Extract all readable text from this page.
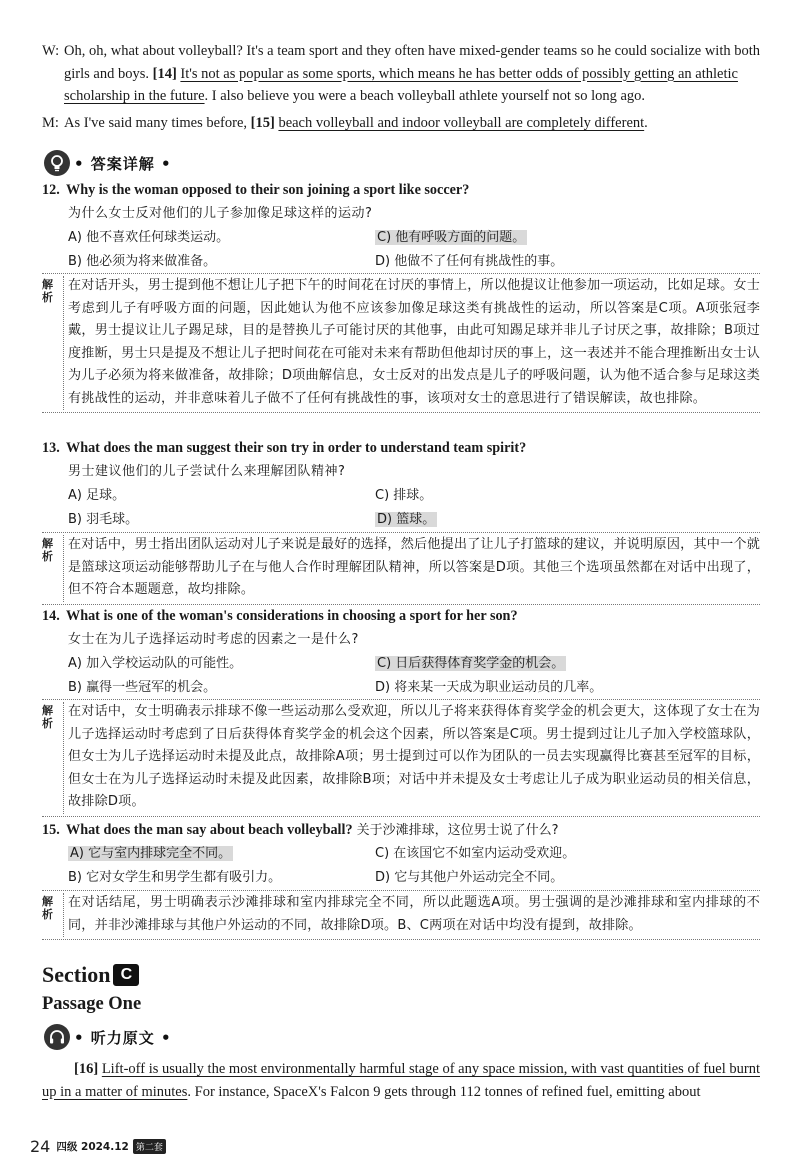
W: Oh, oh, what about volleyball? It's a team sport and they often have mixed-gender teams so he could socialize with both girls and boys. [14] It's not as popular as some sports, which means he has better odds of possibly getting an athletic scholarship in the future. I also believe you were a beach volleyball athlete yourself not so long ago.
M: As I've said many times before, [15] beach volleyball and indoor volleyball are completely different.
• 答案详解 •
12. Why is the woman opposed to their son joining a sport like soccer?
为什么女士反对他们的儿子参加像足球这样的运动?
A) 他不喜欢任何球类运动。	C) 他有呼吸方面的问题。
B) 他必须为将来做准备。	D) 他做不了任何有挑战性的事。
解析
在对话开头，男士提到他不想让儿子把下午的时间花在讨厌的事情上，所以他提议让他参加一项运动，比如足球。女士考虑到儿子有呼吸方面的问题，因此她认为他不应该参加像足球这类有挑战性的运动，所以答案是C项。A项张冠李戴，男士提议让儿子踢足球，目的是替换儿子可能讨厌的其他事，由此可知踢足球并非儿子讨厌之事，故排除；B项过度推断，男士只是提及不想让儿子把时间花在可能对未来有帮助但他却讨厌的事上，这一表述并不能合理推断出女士认为儿子必须为将来做准备，故排除；D项曲解信息，女士反对的出发点是儿子的呼吸问题，认为他不适合参与足球这类有挑战性的运动，并非意味着儿子做不了任何有挑战性的事，该项对女士的意思进行了错误解读，故也排除。
13. What does the man suggest their son try in order to understand team spirit?
男士建议他们的儿子尝试什么来理解团队精神?
A) 足球。	C) 排球。
B) 羽毛球。	D) 篮球。
解析
在对话中，男士指出团队运动对儿子来说是最好的选择，然后他提出了让儿子打篮球的建议，并说明原因，其中一个就是篮球这项运动能够帮助儿子在与他人合作时理解团队精神，所以答案是D项。其他三个选项虽然都在对话中出现了，但不符合本题题意，故均排除。
14. What is one of the woman's considerations in choosing a sport for her son?
女士在为儿子选择运动时考虑的因素之一是什么?
A) 加入学校运动队的可能性。	C) 日后获得体育奖学金的机会。
B) 赢得一些冠军的机会。	D) 将来某一天成为职业运动员的几率。
解析
在对话中，女士明确表示排球不像一些运动那么受欢迎，所以儿子将来获得体育奖学金的机会更大，这体现了女士在为儿子选择运动时考虑到了日后获得体育奖学金的机会这个因素，所以答案是C项。男士提到过让儿子加入学校篮球队，但女士为儿子选择运动时未提及此点，故排除A项；男士提到过可以作为团队的一员去实现赢得比赛甚至冠军的目标，但女士在为儿子选择运动时未提及此因素，故排除B项；对话中并未提及女士考虑让儿子成为职业运动员的相关信息，故排除D项。
15. What does the man say about beach volleyball? 关于沙滩排球，这位男士说了什么?
A) 它与室内排球完全不同。	C) 在该国它不如室内运动受欢迎。
B) 它对女学生和男学生都有吸引力。	D) 它与其他户外运动完全不同。
解析
在对话结尾，男士明确表示沙滩排球和室内排球完全不同，所以此题选A项。男士强调的是沙滩排球和室内排球的不同，并非沙滩排球与其他户外运动的不同，故排除D项。B、C两项在对话中均没有提到，故排除。
Section C
Passage One
• 听力原文 •
[16] Lift-off is usually the most environmentally harmful stage of any space mission, with vast quantities of fuel burnt up in a matter of minutes. For instance, SpaceX's Falcon 9 gets through 112 tonnes of refined fuel, emitting about
24 四级 2024.12 第二套
